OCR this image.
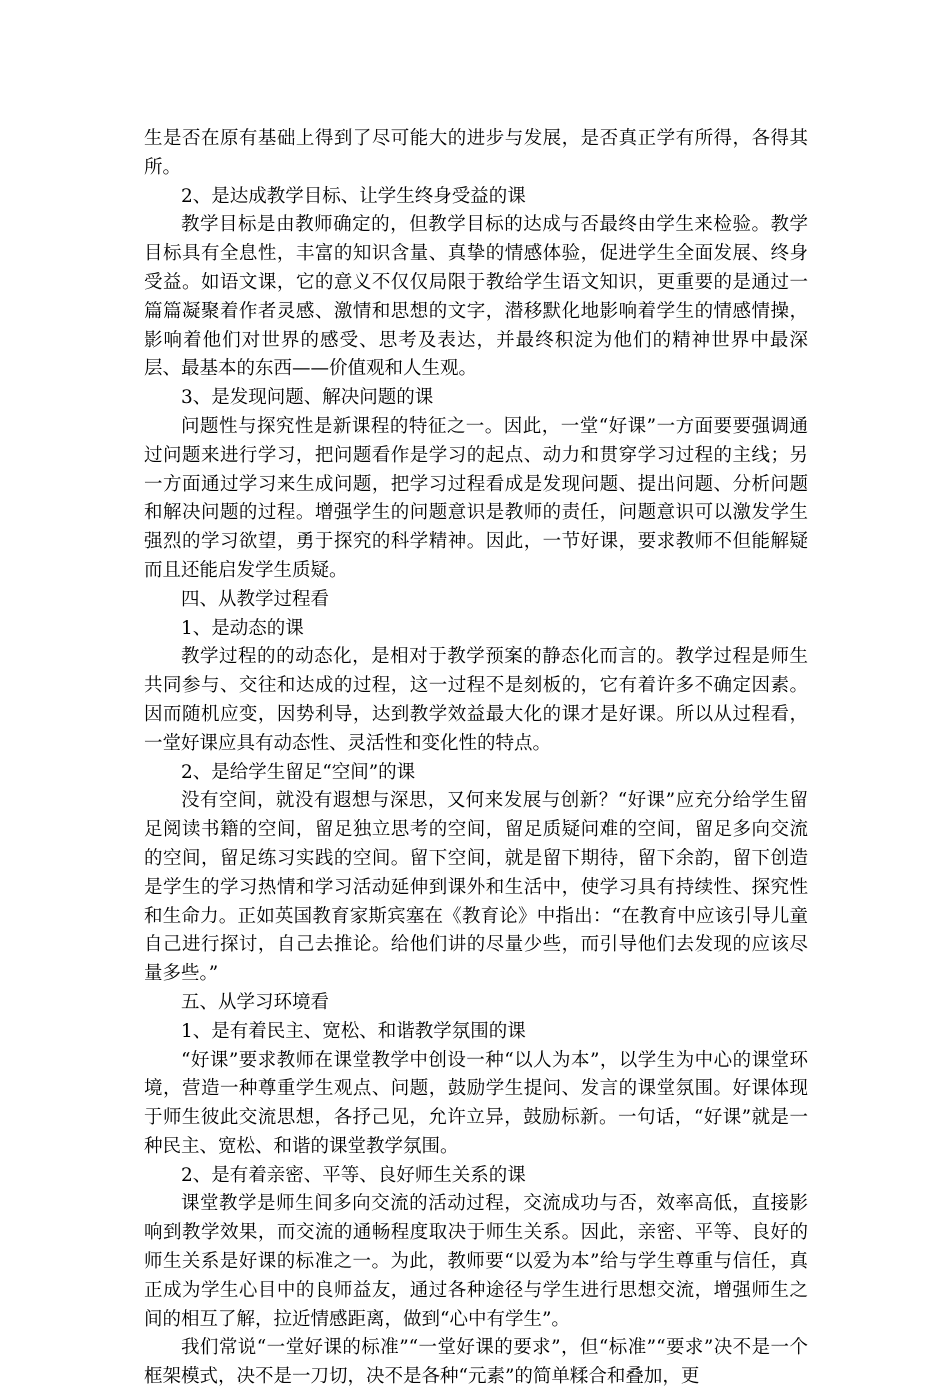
生是否在原有基础上得到了尽可能大的进步与发展，是否真正学有所得，各得其所。

2、是达成教学目标、让学生终身受益的课

教学目标是由教师确定的，但教学目标的达成与否最终由学生来检验。教学目标具有全息性，丰富的知识含量、真挚的情感体验，促进学生全面发展、终身受益。如语文课，它的意义不仅仅局限于教给学生语文知识，更重要的是通过一篇篇凝聚着作者灵感、激情和思想的文字，潜移默化地影响着学生的情感情操，影响着他们对世界的感受、思考及表达，并最终积淀为他们的精神世界中最深层、最基本的东西——价值观和人生观。

3、是发现问题、解决问题的课

问题性与探究性是新课程的特征之一。因此，一堂“好课”一方面要要强调通过问题来进行学习，把问题看作是学习的起点、动力和贯穿学习过程的主线；另一方面通过学习来生成问题，把学习过程看成是发现问题、提出问题、分析问题和解决问题的过程。增强学生的问题意识是教师的责任，问题意识可以激发学生强烈的学习欲望，勇于探究的科学精神。因此，一节好课，要求教师不但能解疑而且还能启发学生质疑。

四、从教学过程看

1、是动态的课

教学过程的的动态化，是相对于教学预案的静态化而言的。教学过程是师生共同参与、交往和达成的过程，这一过程不是刻板的，它有着许多不确定因素。因而随机应变，因势利导，达到教学效益最大化的课才是好课。所以从过程看，一堂好课应具有动态性、灵活性和变化性的特点。

2、是给学生留足“空间”的课

没有空间，就没有遐想与深思，又何来发展与创新？“好课”应充分给学生留足阅读书籍的空间，留足独立思考的空间，留足质疑问难的空间，留足多向交流的空间，留足练习实践的空间。留下空间，就是留下期待，留下余韵，留下创造是学生的学习热情和学习活动延伸到课外和生活中，使学习具有持续性、探究性和生命力。正如英国教育家斯宾塞在《教育论》中指出：“在教育中应该引导儿童自己进行探讨，自己去推论。给他们讲的尽量少些，而引导他们去发现的应该尽量多些。”

五、从学习环境看

1、是有着民主、宽松、和谐教学氛围的课

“好课”要求教师在课堂教学中创设一种“以人为本”，以学生为中心的课堂环境，营造一种尊重学生观点、问题，鼓励学生提问、发言的课堂氛围。好课体现于师生彼此交流思想，各抒己见，允许立异，鼓励标新。一句话，“好课”就是一种民主、宽松、和谐的课堂教学氛围。

2、是有着亲密、平等、良好师生关系的课

课堂教学是师生间多向交流的活动过程，交流成功与否，效率高低，直接影响到教学效果，而交流的通畅程度取决于师生关系。因此，亲密、平等、良好的师生关系是好课的标准之一。为此，教师要“以爱为本”给与学生尊重与信任，真正成为学生心目中的良师益友，通过各种途径与学生进行思想交流，增强师生之间的相互了解，拉近情感距离，做到“心中有学生”。

我们常说“一堂好课的标准”“一堂好课的要求”，但“标准”“要求”决不是一个框架模式，决不是一刀切，决不是各种“元素”的简单糅合和叠加，更
